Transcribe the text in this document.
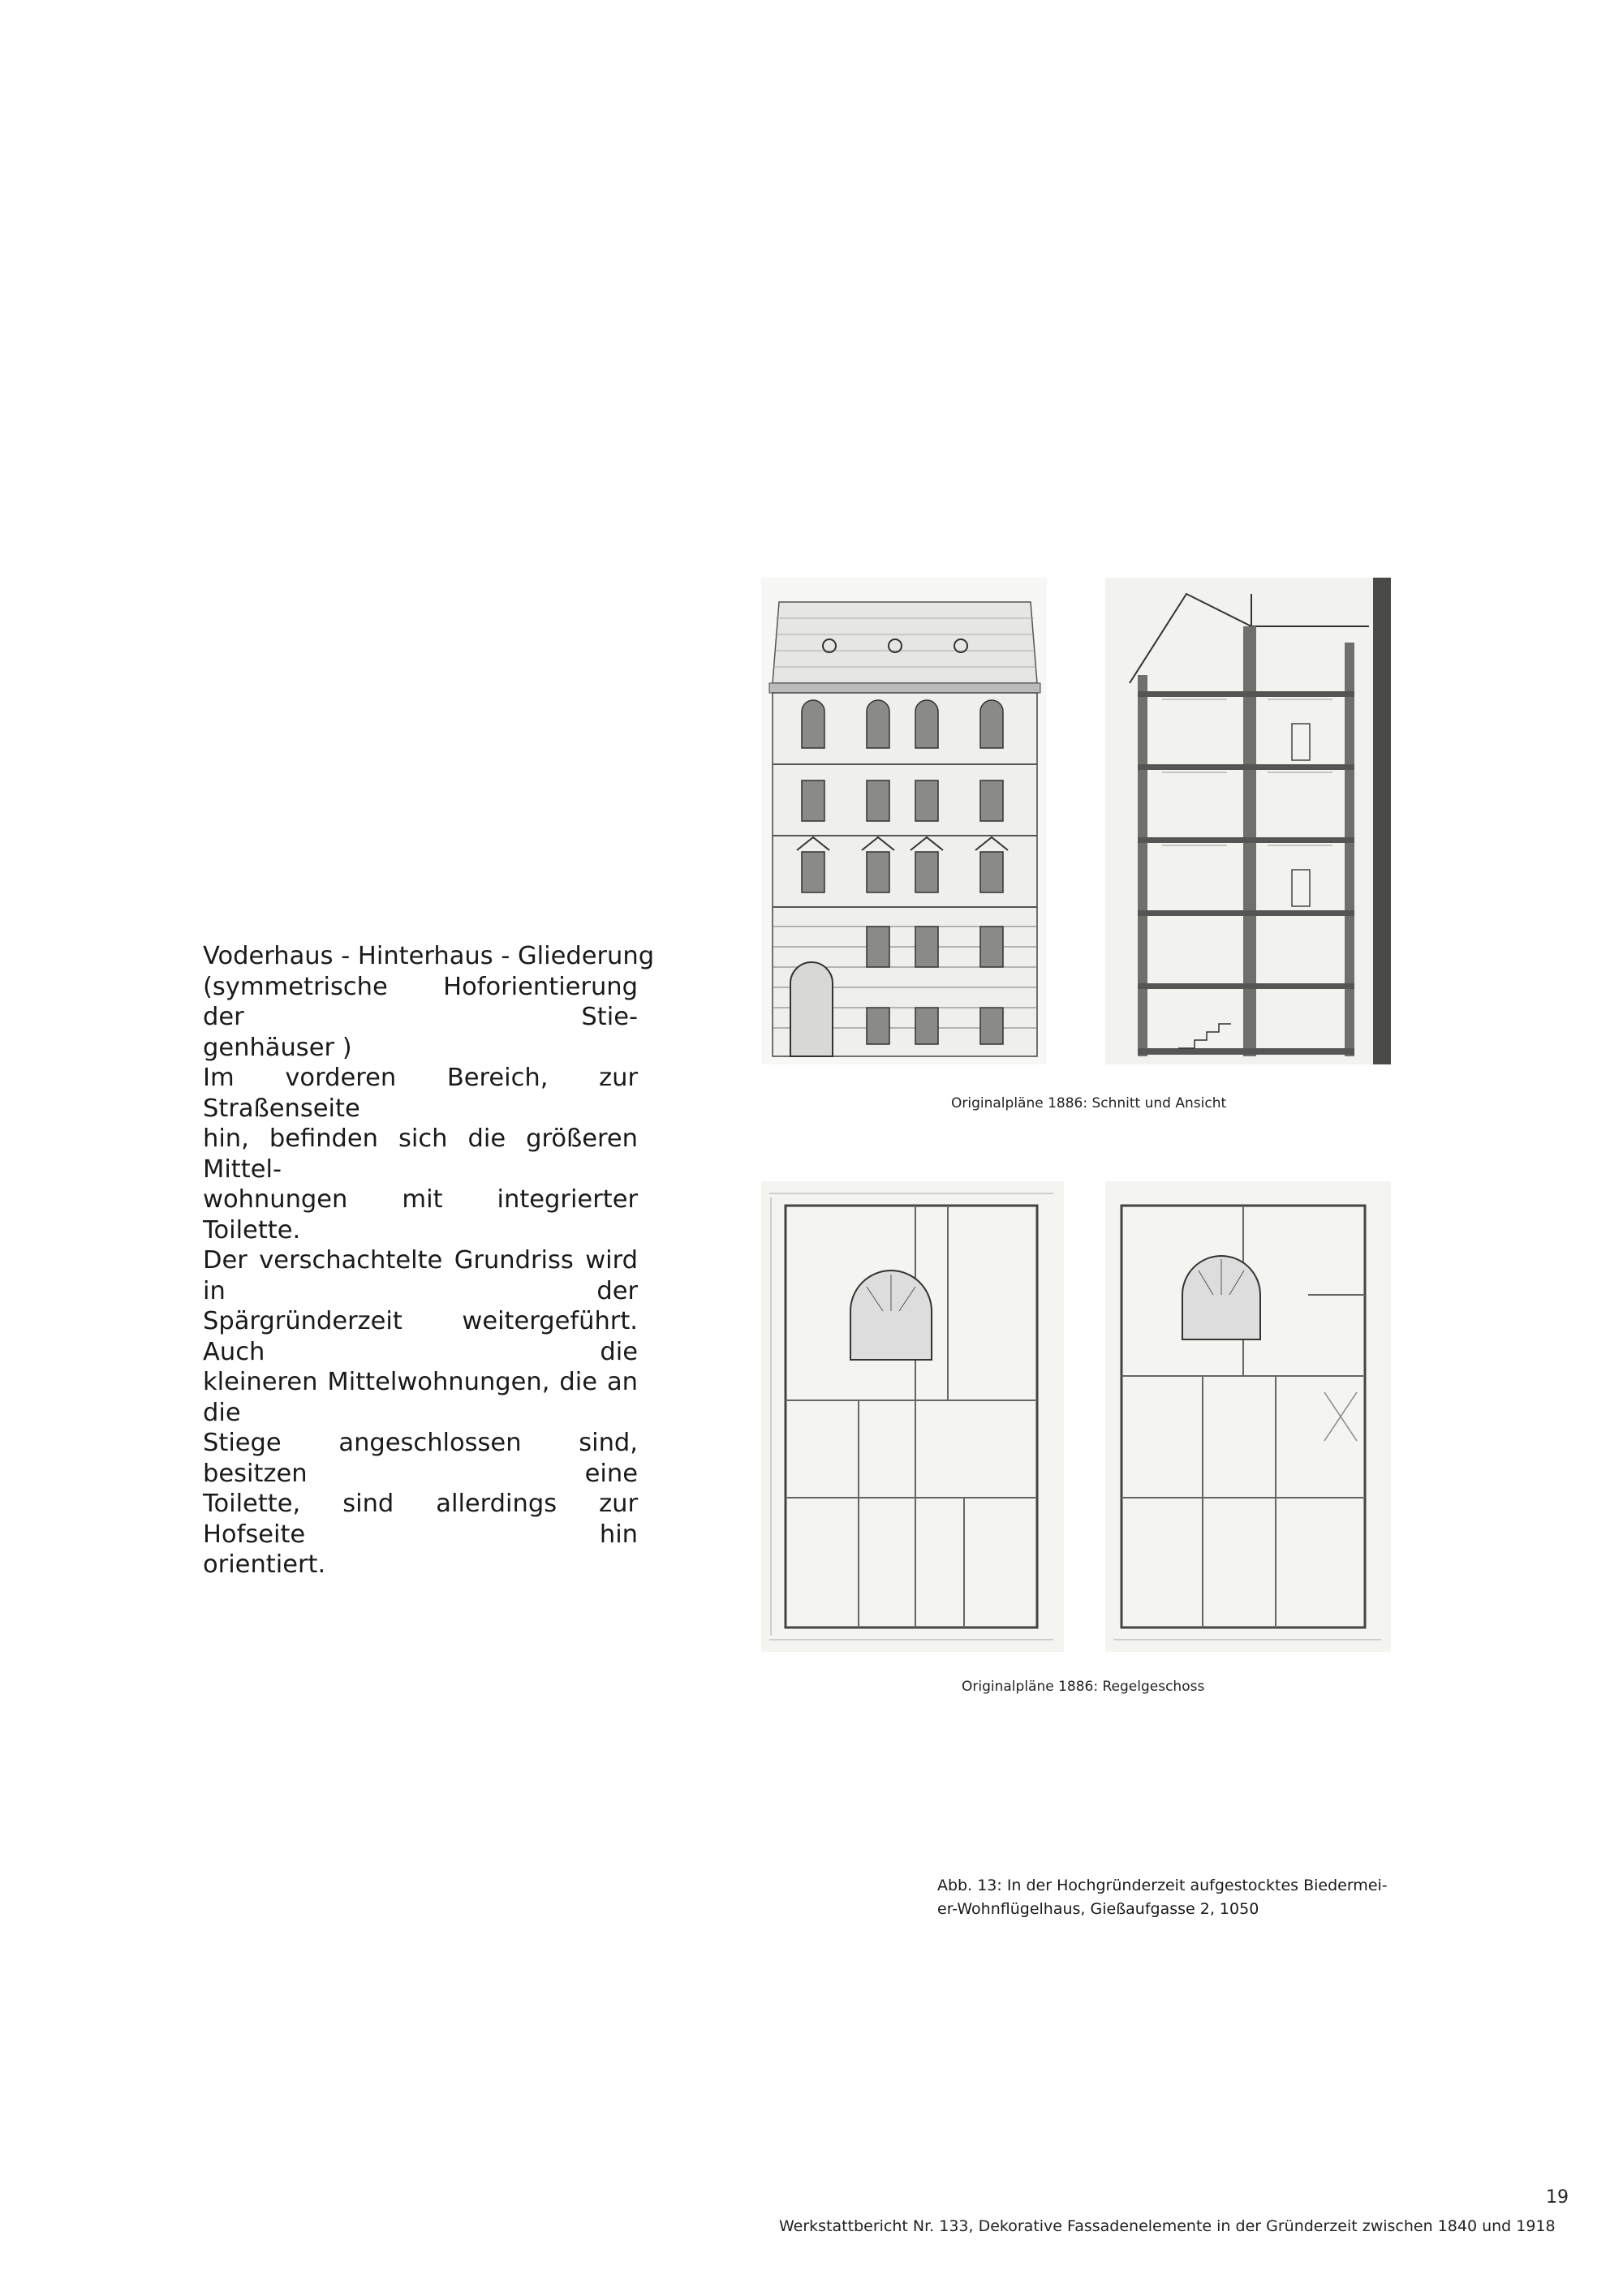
Voderhaus - Hinterhaus - Gliederung
(symmetrische Hoforientierung der Stie-
genhäuser )
Im vorderen Bereich, zur Straßenseite
hin, befinden sich die größeren Mittel-
wohnungen mit integrierter Toilette.
Der verschachtelte Grundriss wird in der
Spärgründerzeit weitergeführt. Auch die
kleineren Mittelwohnungen, die an die
Stiege angeschlossen sind, besitzen eine
Toilette, sind allerdings zur Hofseite hin
orientiert.
Originalpläne 1886: Schnitt und Ansicht
Originalpläne 1886: Regelgeschoss
Abb. 13: In der Hochgründerzeit aufgestocktes Biedermei-
er-Wohnflügelhaus, Gießaufgasse 2, 1050
19
Werkstattbericht Nr. 133, Dekorative Fassadenelemente in der Gründerzeit zwischen 1840 und 1918
